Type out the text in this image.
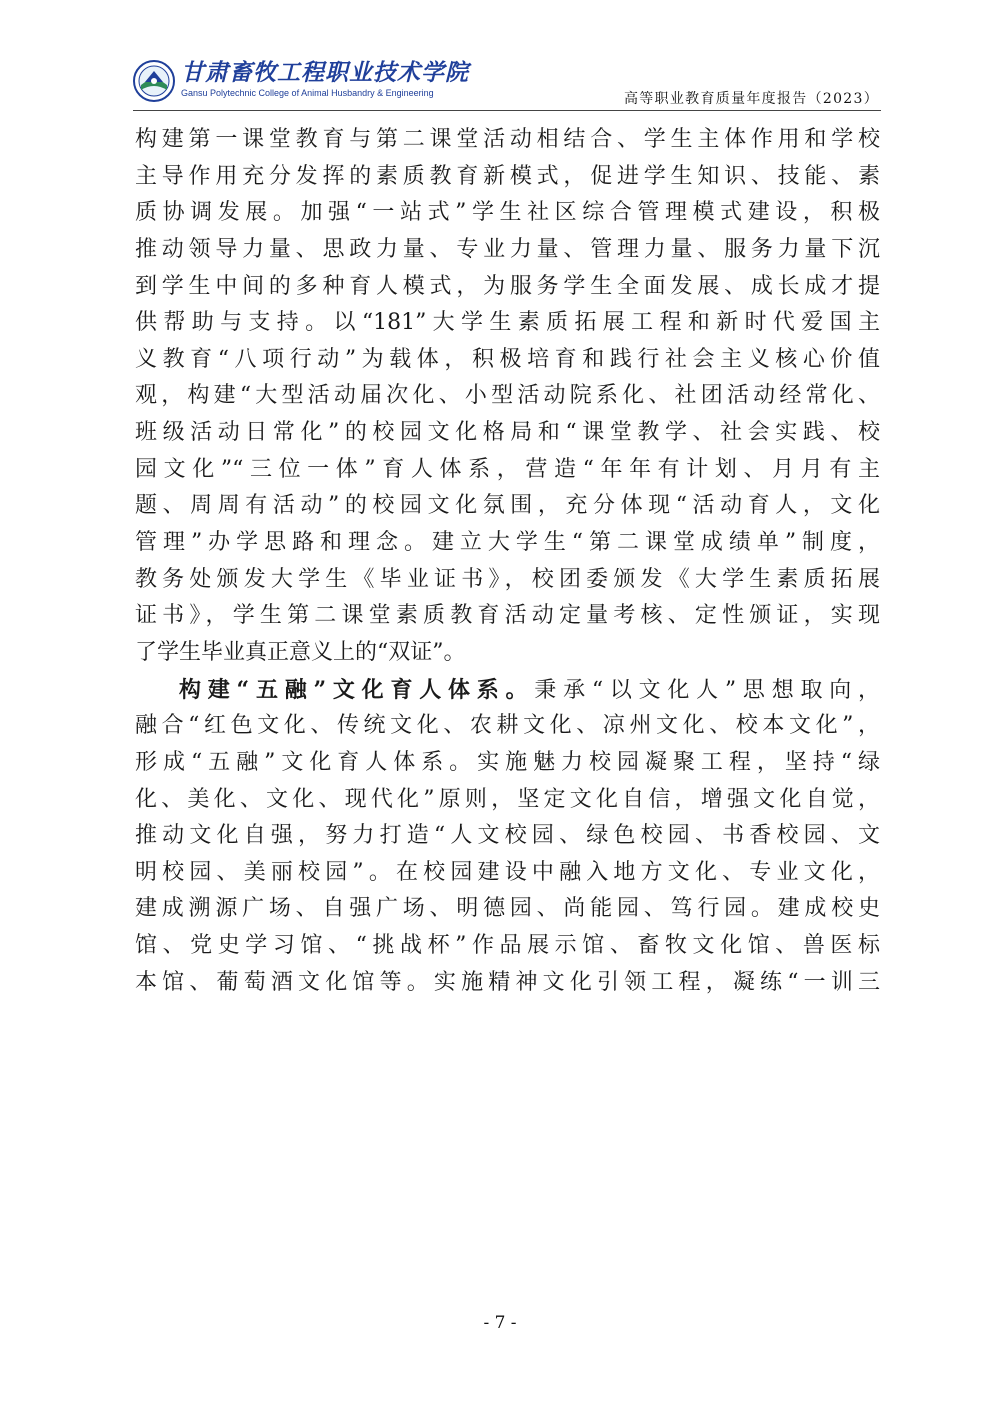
甘肃畜牧工程职业技术学院
Gansu Polytechnic College of Animal Husbandry & Engineering	高等职业教育质量年度报告（2023）
构建第一课堂教育与第二课堂活动相结合、学生主体作用和学校
主导作用充分发挥的素质教育新模式，促进学生知识、技能、素
质协调发展。加强“一站式”学生社区综合管理模式建设，积极
推动领导力量、思政力量、专业力量、管理力量、服务力量下沉
到学生中间的多种育人模式，为服务学生全面发展、成长成才提
供帮助与支持。以“181”大学生素质拓展工程和新时代爱国主
义教育“八项行动”为载体，积极培育和践行社会主义核心价值
观，构建“大型活动届次化、小型活动院系化、社团活动经常化、
班级活动日常化”的校园文化格局和“课堂教学、社会实践、校
园文化”“三位一体”育人体系，营造“年年有计划、月月有主
题、周周有活动”的校园文化氛围，充分体现“活动育人，文化
管理”办学思路和理念。建立大学生“第二课堂成绩单”制度，
教务处颁发大学生《毕业证书》，校团委颁发《大学生素质拓展
证书》，学生第二课堂素质教育活动定量考核、定性颁证，实现
了学生毕业真正意义上的“双证”。
构建“五融”文化育人体系。秉承“以文化人”思想取向，
融合“红色文化、传统文化、农耕文化、凉州文化、校本文化”，
形成“五融”文化育人体系。实施魅力校园凝聚工程，坚持“绿
化、美化、文化、现代化”原则，坚定文化自信，增强文化自觉，
推动文化自强，努力打造“人文校园、绿色校园、书香校园、文
明校园、美丽校园”。在校园建设中融入地方文化、专业文化，
建成溯源广场、自强广场、明德园、尚能园、笃行园。建成校史
馆、党史学习馆、“挑战杯”作品展示馆、畜牧文化馆、兽医标
本馆、葡萄酒文化馆等。实施精神文化引领工程，凝练“一训三
- 7 -
